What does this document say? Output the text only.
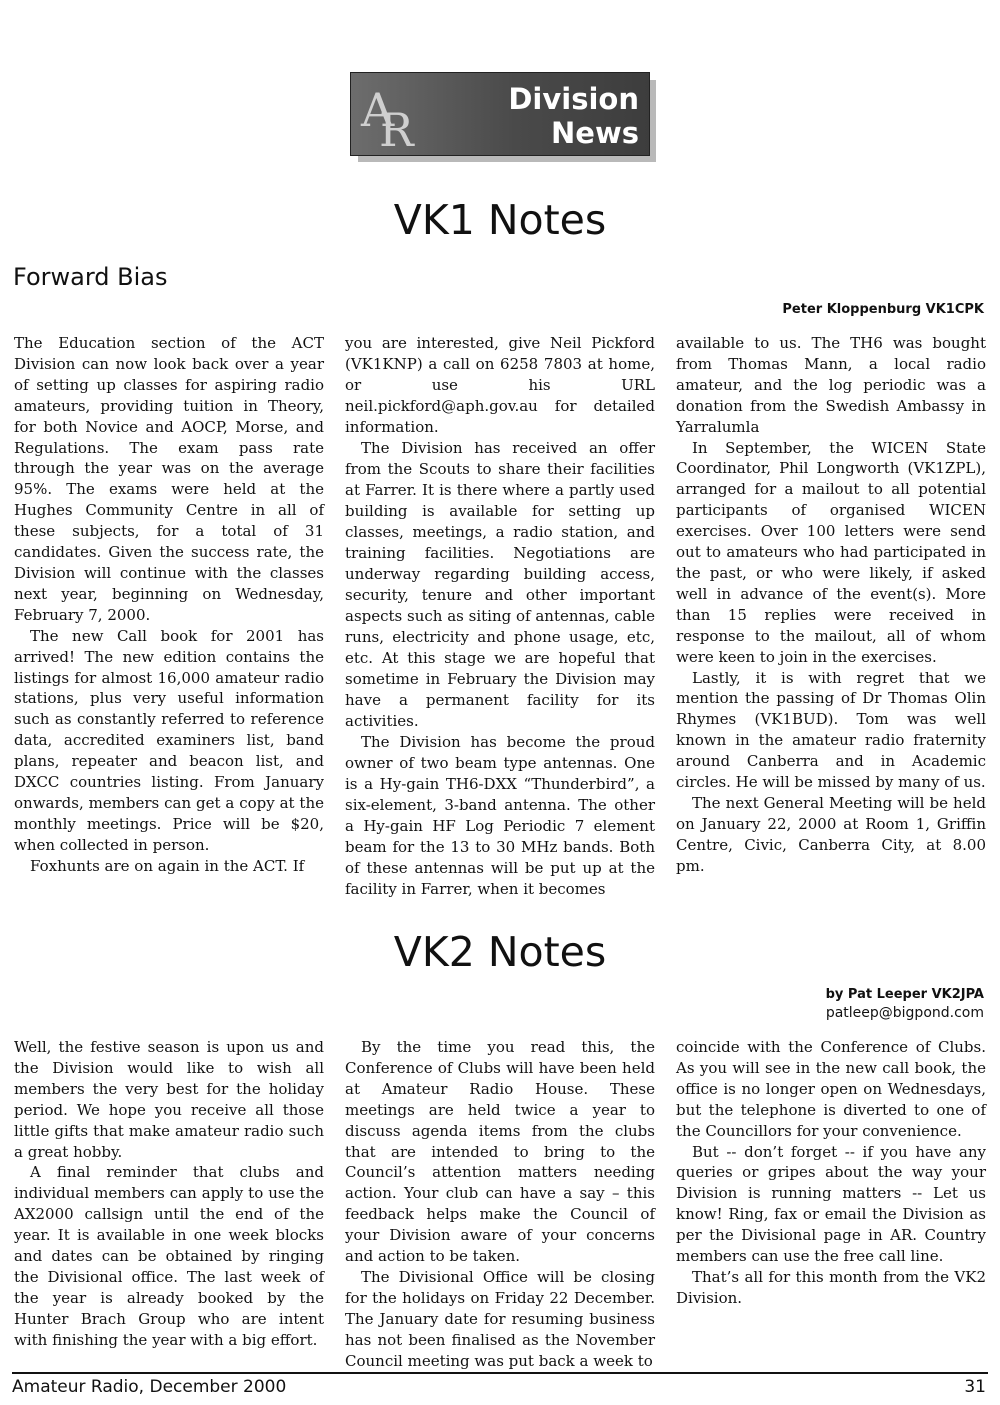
A
R
Division
News
VK1 Notes
Forward Bias
Peter Kloppenburg VK1CPK

The Education section of the ACT Division can now look back over a year of setting up classes for aspiring radio amateurs, providing tuition in Theory, for both Novice and AOCP, Morse, and Regulations. The exam pass rate through the year was on the average 95%. The exams were held at the Hughes Community Centre in all of these subjects, for a total of 31 candidates. Given the success rate, the Division will continue with the classes next year, beginning on Wednesday, February 7, 2000.

The new Call book for 2001 has arrived! The new edition contains the listings for almost 16,000 amateur radio stations, plus very useful information such as constantly referred to reference data, accredited examiners list, band plans, repeater and beacon list, and DXCC countries listing. From January onwards, members can get a copy at the monthly meetings. Price will be $20, when collected in person.

Foxhunts are on again in the ACT. If

you are interested, give Neil Pickford (VK1KNP) a call on 6258 7803 at home, or use his URL neil.pickford@aph.gov.au for detailed information.

The Division has received an offer from the Scouts to share their facilities at Farrer. It is there where a partly used building is available for setting up classes, meetings, a radio station, and training facilities. Negotiations are underway regarding building access, security, tenure and other important aspects such as siting of antennas, cable runs, electricity and phone usage, etc, etc. At this stage we are hopeful that sometime in February the Division may have a permanent facility for its activities.

The Division has become the proud owner of two beam type antennas. One is a Hy-gain TH6-DXX “Thunderbird”, a six-element, 3-band antenna. The other a Hy-gain HF Log Periodic 7 element beam for the 13 to 30 MHz bands. Both of these antennas will be put up at the facility in Farrer, when it becomes

available to us. The TH6 was bought from Thomas Mann, a local radio amateur, and the log periodic was a donation from the Swedish Ambassy in Yarralumla

In September, the WICEN State Coordinator, Phil Longworth (VK1ZPL), arranged for a mailout to all potential participants of organised WICEN exercises. Over 100 letters were send out to amateurs who had participated in the past, or who were likely, if asked well in advance of the event(s). More than 15 replies were received in response to the mailout, all of whom were keen to join in the exercises.

Lastly, it is with regret that we mention the passing of Dr Thomas Olin Rhymes (VK1BUD). Tom was well known in the amateur radio fraternity around Canberra and in Academic circles. He will be missed by many of us.

The next General Meeting will be held on January 22, 2000 at Room 1, Griffin Centre, Civic, Canberra City, at 8.00 pm.

VK2 Notes
by Pat Leeper VK2JPA
patleep@bigpond.com

Well, the festive season is upon us and the Division would like to wish all members the very best for the holiday period. We hope you receive all those little gifts that make amateur radio such a great hobby.

A final reminder that clubs and individual members can apply to use the AX2000 callsign until the end of the year. It is available in one week blocks and dates can be obtained by ringing the Divisional office. The last week of the year is already booked by the Hunter Brach Group who are intent with finishing the year with a big effort.

By the time you read this, the Conference of Clubs will have been held at Amateur Radio House. These meetings are held twice a year to discuss agenda items from the clubs that are intended to bring to the Council’s attention matters needing action. Your club can have a say – this feedback helps make the Council of your Division aware of your concerns and action to be taken.

The Divisional Office will be closing for the holidays on Friday 22 December. The January date for resuming business has not been finalised as the November Council meeting was put back a week to

coincide with the Conference of Clubs. As you will see in the new call book, the office is no longer open on Wednesdays, but the telephone is diverted to one of the Councillors for your convenience.

But -- don’t forget -- if you have any queries or gripes about the way your Division is running matters -- Let us know! Ring, fax or email the Division as per the Divisional page in AR. Country members can use the free call line.

That’s all for this month from the VK2 Division.

Amateur Radio, December 2000	31
